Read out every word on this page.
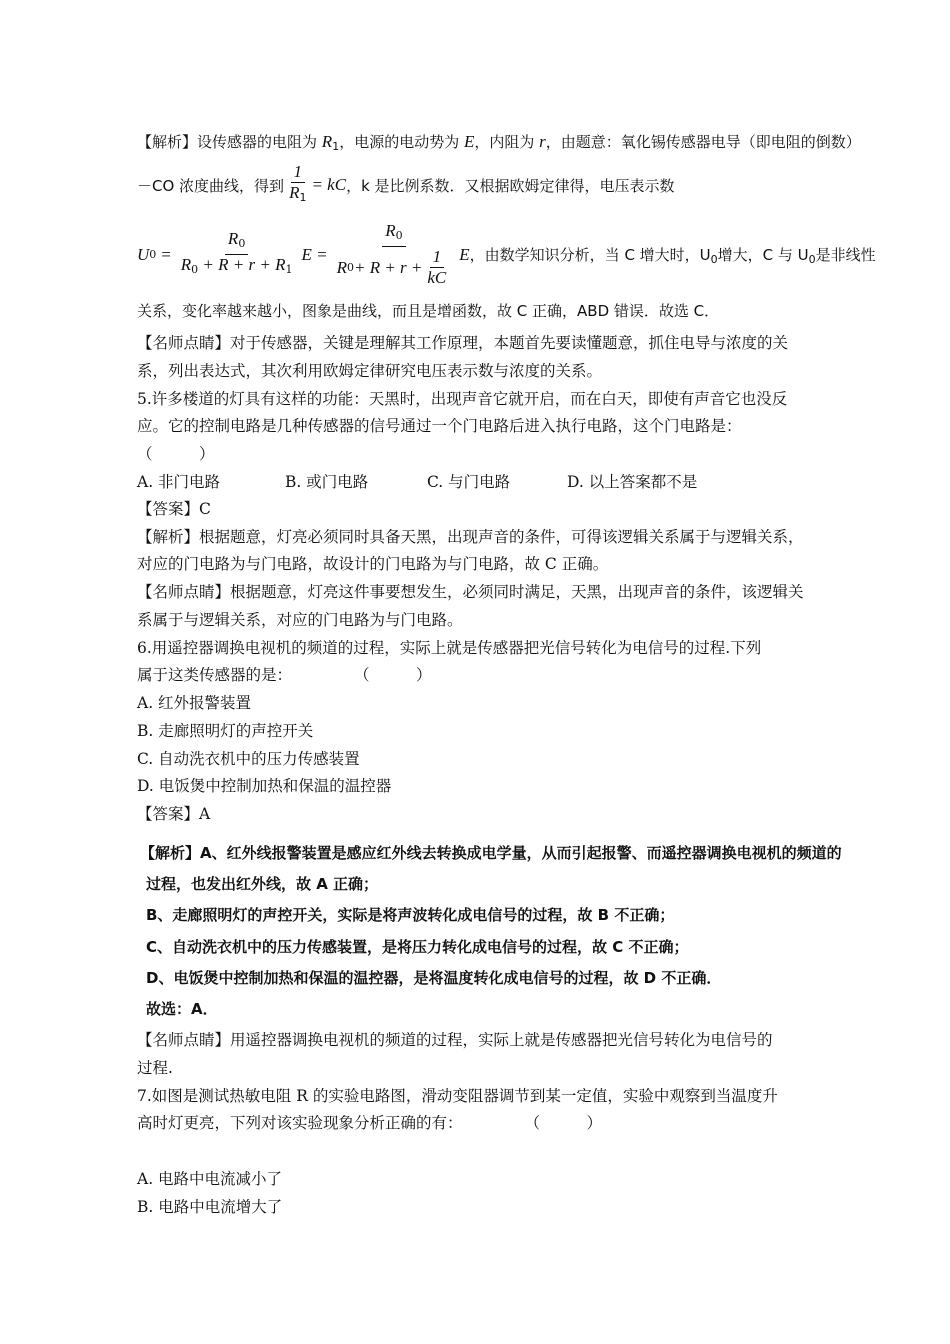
【解析】设传感器的电阻为 $R_1$，电源的电动势为 E，内阻为 r，由题意：氧化锡传感器电导（即电阻的倒数）
－CO 浓度曲线，得到 $\frac{1}{R_1}$ = kC ，k 是比例系数．又根据欧姆定律得，电压表示数
U $0 = \frac{R_0}{R_0 + R + r + R_1}$ $E = \frac{R_0}{R 0 + R + r + \frac{1}{kC}}$ E ，由数学知识分析，当 C 增大时，$U_0$增大，C 与 $U_0$是非线性
关系，变化率越来越小，图象是曲线，而且是增函数，故 C 正确，ABD 错误．故选 C．
【名师点睛】对于传感器，关键是理解其工作原理，本题首先要读懂题意，抓住电导与浓度的关
系，列出表达式，其次利用欧姆定律研究电压表示数与浓度的关系。
5.许多楼道的灯具有这样的功能：天黑时，出现声音它就开启，而在白天，即使有声音它也没反
应。它的控制电路是几种传感器的信号通过一个门电路后进入执行电路，这个门电路是：
（　　　）
A. 非门电路	B. 或门电路	C. 与门电路	D. 以上答案都不是
【答案】C
【解析】根据题意，灯亮必须同时具备天黑，出现声音的条件，可得该逻辑关系属于与逻辑关系，
对应的门电路为与门电路，故设计的门电路为与门电路，故 C 正确。
【名师点睛】根据题意，灯亮这件事要想发生，必须同时满足，天黑，出现声音的条件，该逻辑关
系属于与逻辑关系，对应的门电路为与门电路。
6.用遥控器调换电视机的频道的过程，实际上就是传感器把光信号转化为电信号的过程.下列
属于这类传感器的是：　　　　　（　　　）
A. 红外报警装置
B. 走廊照明灯的声控开关
C. 自动洗衣机中的压力传感装置
D. 电饭煲中控制加热和保温的温控器
【答案】A
【解析】A、红外线报警装置是感应红外线去转换成电学量，从而引起报警、而遥控器调换电视机的频道的
过程，也发出红外线，故 A 正确；
B、走廊照明灯的声控开关，实际是将声波转化成电信号的过程，故 B 不正确；
C、自动洗衣机中的压力传感装置，是将压力转化成电信号的过程，故 C 不正确；
D、电饭煲中控制加热和保温的温控器，是将温度转化成电信号的过程，故 D 不正确．
故选：A．
【名师点睛】用遥控器调换电视机的频道的过程，实际上就是传感器把光信号转化为电信号的
过程.
7.如图是测试热敏电阻 R 的实验电路图，滑动变阻器调节到某一定值，实验中观察到当温度升
高时灯更亮，下列对该实验现象分析正确的有：　　　　　（　　　）
A. 电路中电流减小了
B. 电路中电流增大了
